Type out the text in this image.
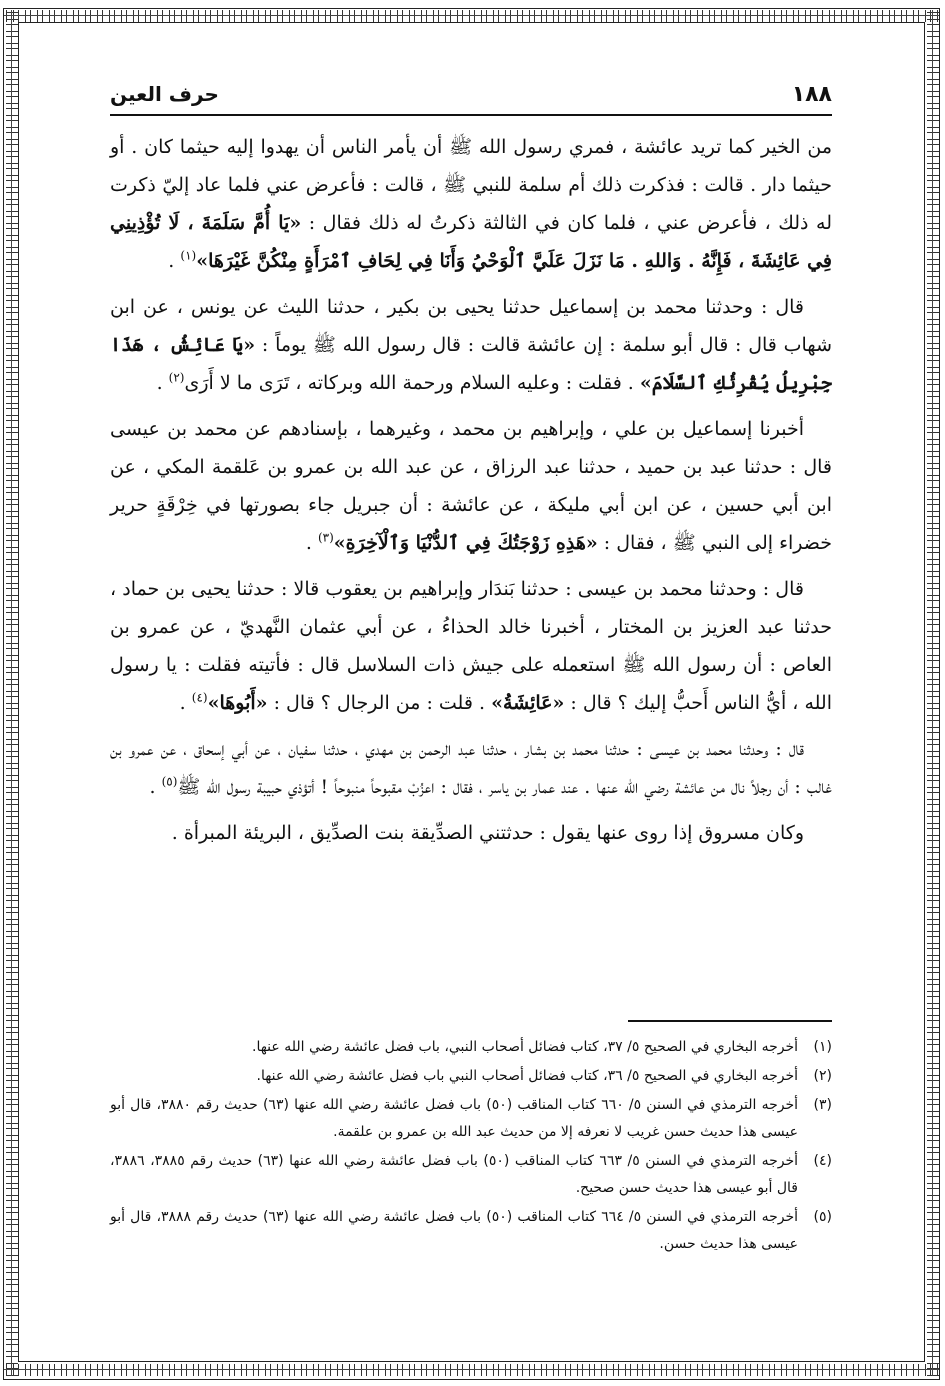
١٨٨
حرف العين

من الخير كما تريد عائشة ، فمري رسول الله ﷺ أن يأمر الناس أن يهدوا إليه حيثما كان . أو حيثما دار . قالت : فذكرت ذلك أم سلمة للنبي ﷺ ، قالت : فأعرض عني فلما عاد إليّ ذكرت له ذلك ، فأعرض عني ، فلما كان في الثالثة ذكرتُ له ذلك فقال : «يَا أُمَّ سَلَمَةَ ، لَا تُؤْذِينِي فِي عَائِشَةَ ، فَإِنَّهُ . وَاللهِ . مَا نَزَلَ عَلَيَّ ٱلْوَحْيُ وَأَنَا فِي لِحَافِ ٱمْرَأَةٍ مِنْكُنَّ غَيْرَهَا»$^{(١)}$ .

قال : وحدثنا محمد بن إسماعيل حدثنا يحيى بن بكير ، حدثنا الليث عن يونس ، عن ابن شهاب قال : قال أبو سلمة : إن عائشة قالت : قال رسول الله ﷺ يوماً : «يَا عَائِشُ ، هَذَا جِبْرِيلُ يُقْرِئُكِ ٱلسَّلَامَ» . فقلت : وعليه السلام ورحمة الله وبركاته ، تَرَى ما لا أَرَى$^{(٢)}$ .

أخبرنا إسماعيل بن علي ، وإبراهيم بن محمد ، وغيرهما ، بإسنادهم عن محمد بن عيسى قال : حدثنا عبد بن حميد ، حدثنا عبد الرزاق ، عن عبد الله بن عمرو بن عَلقمة المكي ، عن ابن أبي حسين ، عن ابن أبي مليكة ، عن عائشة : أن جبريل جاء بصورتها في خِرْقَةٍ حرير خضراء إلى النبي ﷺ ، فقال : «هَذِهِ زَوْجَتُكَ فِي ٱلدُّنْيَا وَٱلْآخِرَةِ»$^{(٣)}$ .

قال : وحدثنا محمد بن عيسى : حدثنا بَندَار وإبراهيم بن يعقوب قالا : حدثنا يحيى بن حماد ، حدثنا عبد العزيز بن المختار ، أخبرنا خالد الحذاءُ ، عن أبي عثمان النَّهديّ ، عن عمرو بن العاص : أن رسول الله ﷺ استعمله على جيش ذات السلاسل قال : فأتيته فقلت : يا رسول الله ، أيُّ الناس أَحبُّ إليك ؟ قال : «عَائِشَةُ» . قلت : من الرجال ؟ قال : «أَبُوهَا»$^{(٤)}$ .

قال : وحدثنا محمد بن عيسى : حدثنا محمد بن بشار ، حدثنا عبد الرحمن بن مهدي ، حدثنا سفيان ، عن أبي إسحاق ، عن عمرو بن غالب : أن رجلاً نال من عائشة رضي الله عنها . عند عمار بن ياسر ، فقال : اعزُبْ مقبوحاً منبوحاً ! أتؤذي حبيبة رسول الله ﷺ$^{(٥)}$ .

وكان مسروق إذا روى عنها يقول : حدثتني الصدِّيقة بنت الصدِّيق ، البريئة المبرأة .

(١)
أخرجه البخاري في الصحيح ٥/ ٣٧، كتاب فضائل أصحاب النبي، باب فضل عائشة رضي الله عنها.
(٢)
أخرجه البخاري في الصحيح ٥/ ٣٦، كتاب فضائل أصحاب النبي باب فضل عائشة رضي الله عنها.
(٣)
أخرجه الترمذي في السنن ٥/ ٦٦٠ كتاب المناقب (٥٠) باب فضل عائشة رضي الله عنها (٦٣) حديث رقم ٣٨٨٠، قال أبو عيسى هذا حديث حسن غريب لا نعرفه إلا من حديث عبد الله بن عمرو بن علقمة.
(٤)
أخرجه الترمذي في السنن ٥/ ٦٦٣ كتاب المناقب (٥٠) باب فضل عائشة رضي الله عنها (٦٣) حديث رقم ٣٨٨٥، ٣٨٨٦، قال أبو عيسى هذا حديث حسن صحيح.
(٥)
أخرجه الترمذي في السنن ٥/ ٦٦٤ كتاب المناقب (٥٠) باب فضل عائشة رضي الله عنها (٦٣) حديث رقم ٣٨٨٨، قال أبو عيسى هذا حديث حسن.
